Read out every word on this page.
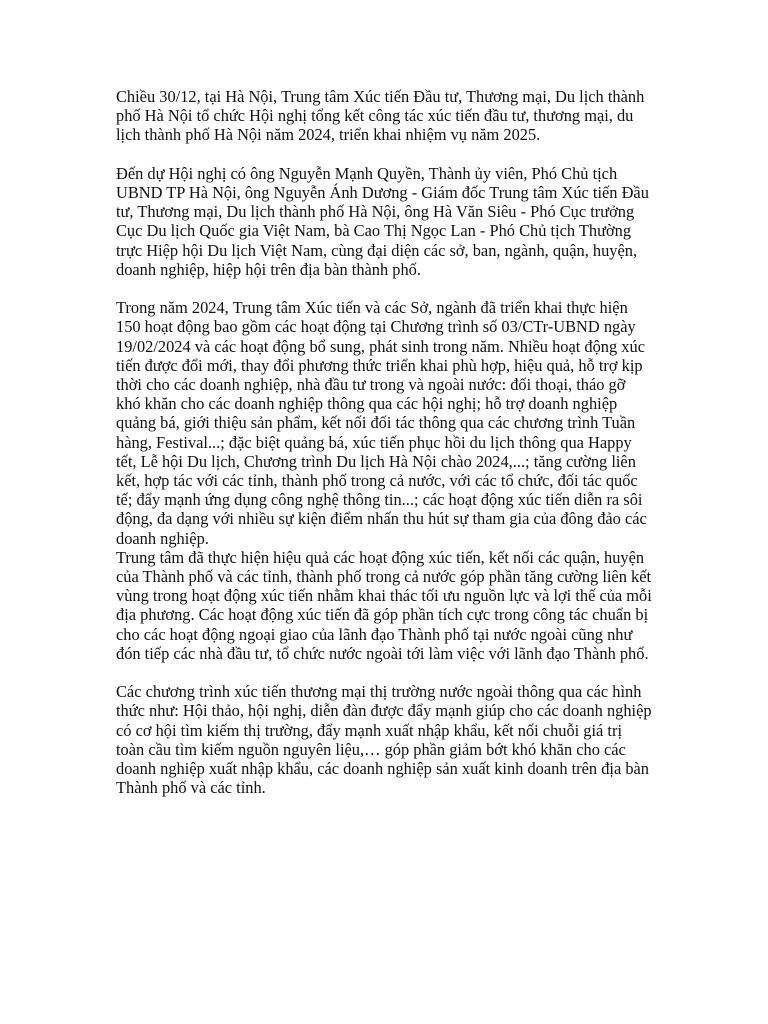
Chiều 30/12, tại Hà Nội, Trung tâm Xúc tiến Đầu tư, Thương mại, Du lịch thành phố Hà Nội tổ chức Hội nghị tổng kết công tác xúc tiến đầu tư, thương mại, du lịch thành phố Hà Nội năm 2024, triển khai nhiệm vụ năm 2025.

Đến dự Hội nghị có ông Nguyễn Mạnh Quyền, Thành ủy viên, Phó Chủ tịch UBND TP Hà Nội, ông Nguyễn Ánh Dương - Giám đốc Trung tâm Xúc tiến Đầu tư, Thương mại, Du lịch thành phố Hà Nội, ông Hà Văn Siêu - Phó Cục trưởng Cục Du lịch Quốc gia Việt Nam, bà Cao Thị Ngọc Lan - Phó Chủ tịch Thường trực Hiệp hội Du lịch Việt Nam, cùng đại diện các sở, ban, ngành, quận, huyện, doanh nghiệp, hiệp hội trên địa bàn thành phố.

Trong năm 2024, Trung tâm Xúc tiến và các Sở, ngành đã triển khai thực hiện 150 hoạt động bao gồm các hoạt động tại Chương trình số 03/CTr-UBND ngày 19/02/2024 và các hoạt động bổ sung, phát sinh trong năm. Nhiều hoạt động xúc tiến được đổi mới, thay đổi phương thức triển khai phù hợp, hiệu quả, hỗ trợ kịp thời cho các doanh nghiệp, nhà đầu tư trong và ngoài nước: đối thoại, tháo gỡ khó khăn cho các doanh nghiệp thông qua các hội nghị; hỗ trợ doanh nghiệp quảng bá, giới thiệu sản phẩm, kết nối đối tác thông qua các chương trình Tuần hàng, Festival...; đặc biệt quảng bá, xúc tiến phục hồi du lịch thông qua Happy tết, Lễ hội Du lịch, Chương trình Du lịch Hà Nội chào 2024,...; tăng cường liên kết, hợp tác với các tỉnh, thành phố trong cả nước, với các tổ chức, đối tác quốc tế; đẩy mạnh ứng dụng công nghệ thông tin...; các hoạt động xúc tiến diễn ra sôi động, đa dạng với nhiều sự kiện điểm nhấn thu hút sự tham gia của đông đảo các doanh nghiệp.

Trung tâm đã thực hiện hiệu quả các hoạt động xúc tiến, kết nối các quận, huyện của Thành phố và các tỉnh, thành phố trong cả nước góp phần tăng cường liên kết vùng trong hoạt động xúc tiến nhằm khai thác tối ưu nguồn lực và lợi thế của mỗi địa phương. Các hoạt động xúc tiến đã góp phần tích cực trong công tác chuẩn bị cho các hoạt động ngoại giao của lãnh đạo Thành phố tại nước ngoài cũng như đón tiếp các nhà đầu tư, tổ chức nước ngoài tới làm việc với lãnh đạo Thành phố.

Các chương trình xúc tiến thương mại thị trường nước ngoài thông qua các hình thức như: Hội thảo, hội nghị, diễn đàn được đẩy mạnh giúp cho các doanh nghiệp có cơ hội tìm kiếm thị trường, đẩy mạnh xuất nhập khẩu, kết nối chuỗi giá trị toàn cầu tìm kiếm nguồn nguyên liệu,… góp phần giảm bớt khó khăn cho các doanh nghiệp xuất nhập khẩu, các doanh nghiệp sản xuất kinh doanh trên địa bàn Thành phố và các tỉnh.
